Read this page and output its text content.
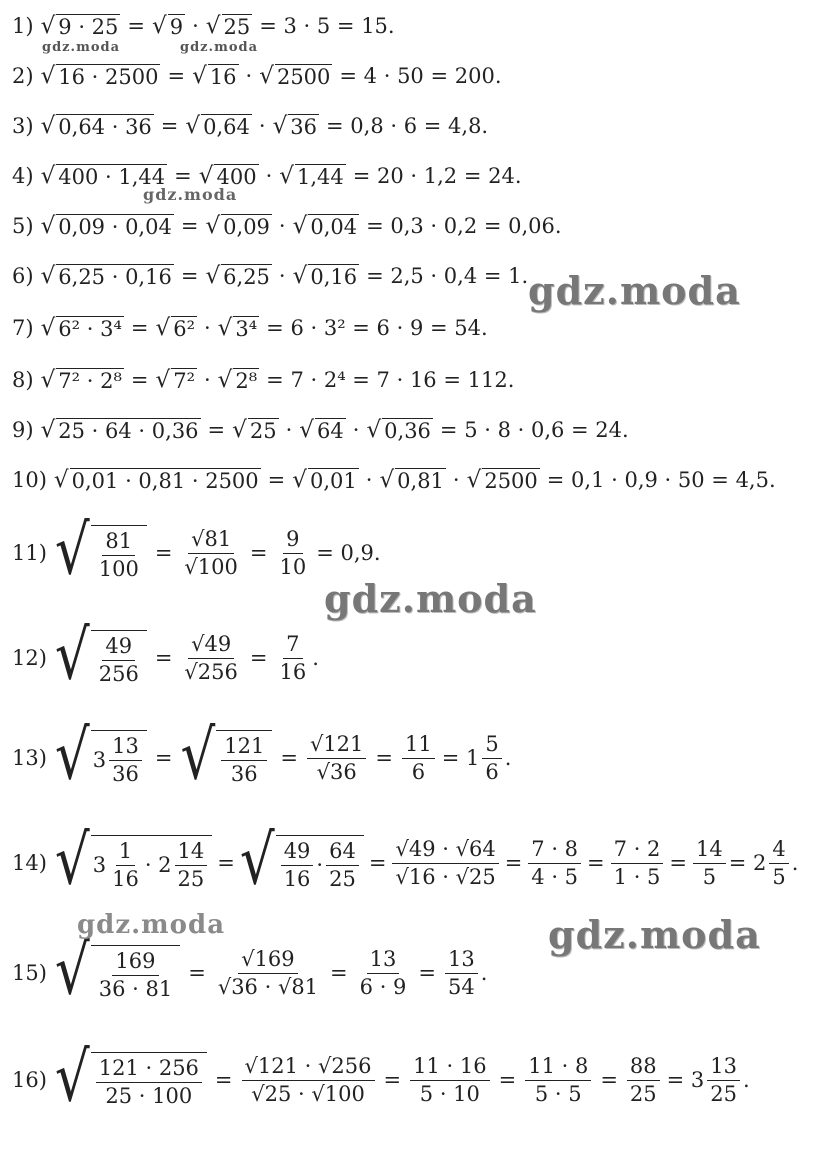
1) √ 9 · 25 = √ 9 · √ 25 = 3 · 5 = 15.
2) √ 16 · 2500 = √ 16 · √ 2500 = 4 · 50 = 200.
3) √ 0,64 · 36 = √ 0,64 · √ 36 = 0,8 · 6 = 4,8.
4) √ 400 · 1,44 = √ 400 · √ 1,44 = 20 · 1,2 = 24.
5) √ 0,09 · 0,04 = √ 0,09 · √ 0,04 = 0,3 · 0,2 = 0,06.
6) √ 6,25 · 0,16 = √ 6,25 · √ 0,16 = 2,5 · 0,4 = 1.
7) √ 6² · 3⁴ = √ 6² · √ 3⁴ = 6 · 3² = 6 · 9 = 54.
8) √ 7² · 2⁸ = √ 7² · √ 2⁸ = 7 · 2⁴ = 7 · 16 = 112.
9) √ 25 · 64 · 0,36 = √ 25 · √ 64 · √ 0,36 = 5 · 8 · 0,6 = 24.
10) √ 0,01 · 0,81 · 2500 = √ 0,01 · √ 0,81 · √ 2500 = 0,1 · 0,9 · 50 = 4,5.
11) √ $\frac{81}{100} = \frac{√81}{√100} = \frac{9}{10} = 0,9$.
12) √ $\frac{49}{256} = \frac{√49}{√256} = \frac{7}{16}$ .
13) √ $3 \frac{13}{36}$ = √ $\frac{121}{36} = \frac{√121}{√36} = \frac{11}{6} = 1 \frac{5}{6}$ .
14) √ $3 \frac{1}{16} \cdot 2 \frac{14}{25}$ = √ $\frac{49}{16} \cdot \frac{64}{25} = \frac{√49 \cdot √64}{√16 \cdot √25} = \frac{7 \cdot 8}{4 \cdot 5} = \frac{7 \cdot 2}{1 \cdot 5} = \frac{14}{5} = 2 \frac{4}{5}$ .
15) √ $\frac{169}{36 \cdot 81} = \frac{√169}{√36 \cdot √81} = \frac{13}{6 \cdot 9} = \frac{13}{54}$ .
16) √ $\frac{121 \cdot 256}{25 \cdot 100} = \frac{√121 \cdot √256}{√25 \cdot √100} = \frac{11 \cdot 16}{5 \cdot 10} = \frac{11 \cdot 8}{5 \cdot 5} = \frac{88}{25} = 3 \frac{13}{25}$ .
gdz.moda	gdz.moda
gdz.moda
gdz.moda
gdz.moda
gdz.moda
gdz.moda
